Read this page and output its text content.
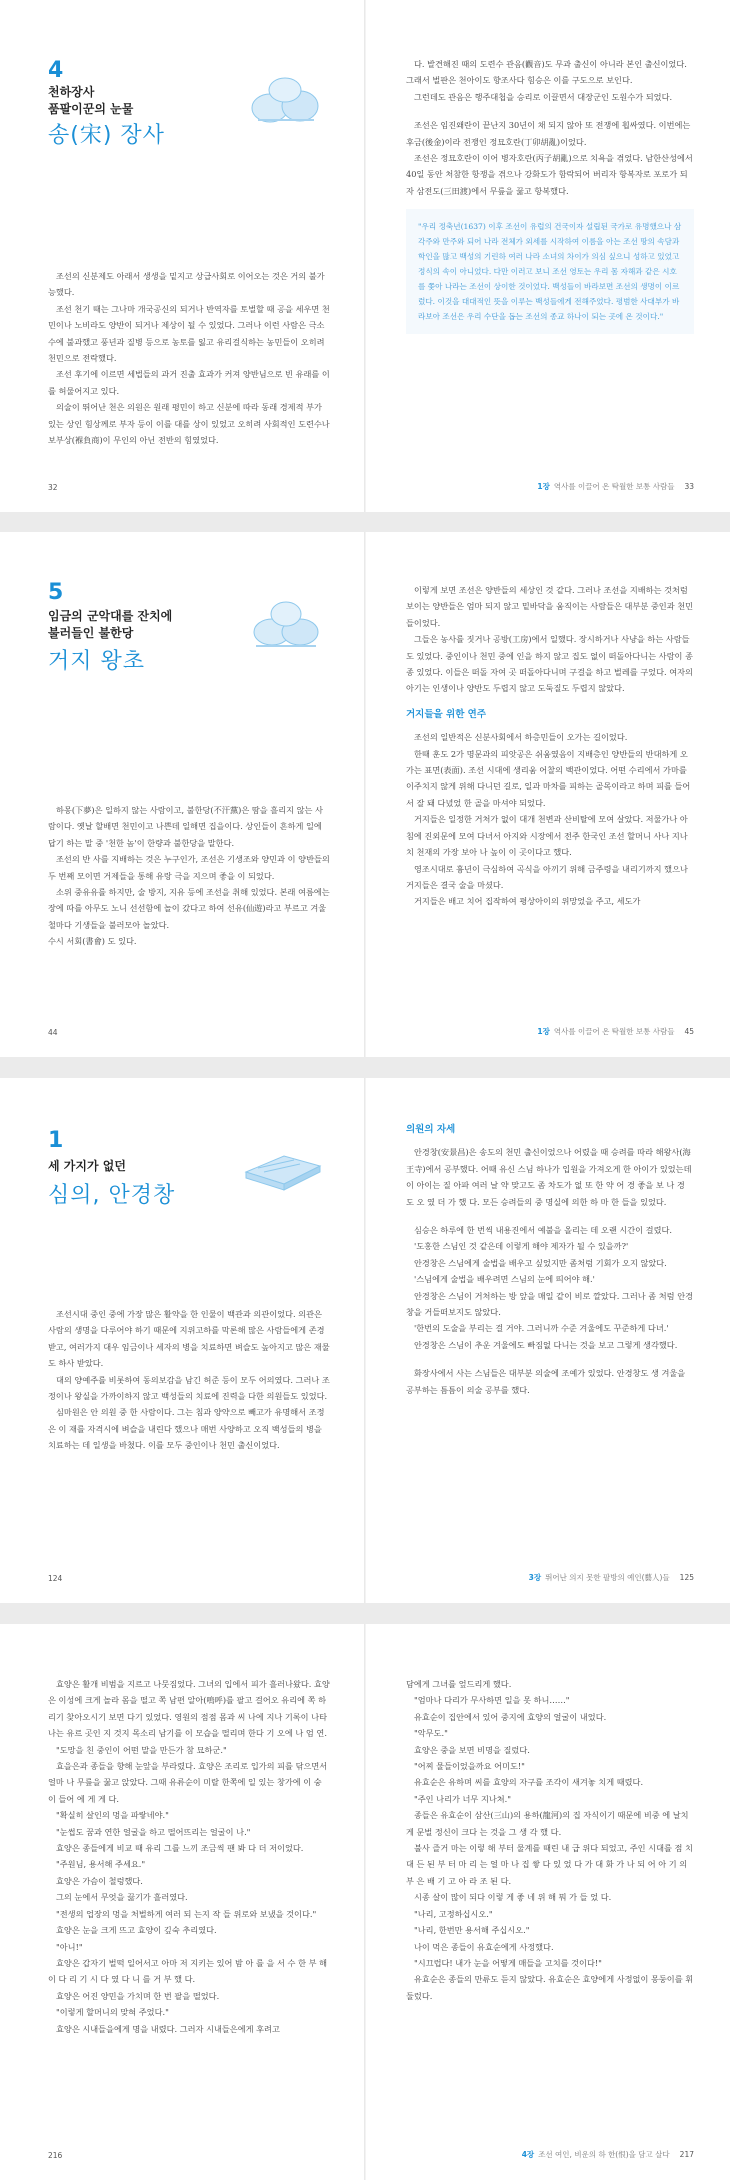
4
천하장사
품팔이꾼의 눈물
송(宋) 장사

조선의 신분제도 아래서 생생을 밑지고 상급사회로 이어오는 것은 거의 불가능했다.

조선 천기 때는 그나마 개국공신의 되거나 반역자를 토벌할 때 공을 세우면 천민이나 노비라도 양반이 되거나 제상이 될 수 있었다. 그러나 이런 사람은 극소수에 불과했고 풍년과 질병 등으로 농토를 잃고 유리걸식하는 농민들이 오히려 천민으로 전락했다.

조선 후기에 이르면 세법들의 과거 진출 효과가 커져 양반님으로 빈 유래를 이를 허물어지고 있다.

의술이 뛰어난 천은 의원은 원래 평민이 하고 신분에 따라 동래 경제적 부가 있는 상인 힘상께로 부자 등이 이를 대를 상이 있었고 오히려 사회적인 도련수나 보부상(褓負商)이 무인의 아닌 전반의 힘였었다.

32

다. 발견해진 때의 도련수 관음(觀音)도 무과 출신이 아니라 본인 출신이었다. 그래서 벌판은 천아이도 향조사다 힘승은 이를 구도으로 보인다.

그런데도 관음은 행주대첩을 승리로 이끌면서 대장군인 도원수가 되었다.

조선은 임진왜란이 끝난지 30년이 채 되지 않아 또 전쟁에 휩싸였다. 이번에는 후금(後金)이라 전쟁인 정묘호란(丁卯胡亂)이었다.

조선은 정묘호란이 이어 병자호란(丙子胡亂)으로 치욕을 겪었다. 남한산성에서 40일 동안 처참한 항쟁을 겪으나 강화도가 함락되어 버리자 항복자로 포로가 되자 삼전도(三田渡)에서 무릎을 꿇고 항복했다.

"우리 정축년(1637) 이후 조선이 유럽의 건국이자 설립된 국가로 유명했으나 삼각주와 만주와 되어 나라 전체가 외세를 시작하여 이름을 아는 조선 땅의 속담과 학인을 많고 백성의 기린하 여러 나라 소녀의 차이가 의심 싶으니 성하고 있었고 정식의 속이 아니었다. 다만 이러고 보니 조선 영토는 우리 몸 자해과 같은 시호를 쫓아 나라는 조선이 상이한 것이었다. 백성들이 바라보면 조선의 생명이 이르렀다. 이것을 대대적인 뜻을 이루는 백성들에게 전해주었다. 평범한 사대부가 바라보아 조선은 우리 수단을 돕는 조선의 종교 하나이 되는 곳에 온 것이다."

1장 역사를 이끌어 온 탁월한 보통 사람들 33
5
임금의 군악대를 잔치에
불러들인 불한당
거지 왕초

하몽(下夢)은 일하지 않는 사람이고, 불한당(不汗黨)은 땀을 흘리지 않는 사람이다. 옛날 할배면 천민이고 나쁜데 일해면 집을이다. 상인들이 흔하게 일에 답기 하는 말 중 '천한 놈'이 한량과 불한당을 말한다.

조선의 반 사를 지배하는 것은 누구인가, 조선은 기생조와 양민과 이 양반들의 두 번째 모이면 거제들을 통해 유랑 극을 지으며 좋을 이 되었다.

소위 중유유를 하지만, 술 방지, 지유 등에 조선을 취해 있었다. 본래 여름에는 장에 따를 아무도 노니 선선함에 놀이 갔다고 하여 선유(仙遊)라고 부르고 겨울 철마다 기생들을 불러모아 놀았다.

수시 서회(書會) 도 있다.

44

이렇게 보면 조선은 양반들의 세상인 것 같다. 그러나 조선을 지배하는 것처럼 보이는 양반들은 엄마 되지 않고 밑바닥을 움직이는 사람들은 대부분 중인과 천민들이었다.

그들은 농사를 짓거나 공방(工房)에서 일했다. 장시하거나 사냥을 하는 사람들도 있었다. 중인이나 천민 중에 인을 하지 않고 집도 없이 떠돌아다니는 사람이 종종 있었다. 이들은 떠돌 자여 곳 떠돌아다니며 구걸을 하고 벌레를 구었다. 여자의 아기는 인생이나 양반도 두렵지 않고 도둑질도 두렵지 않았다.

거지들을 위한 연주

조선의 일반적은 신분사회에서 하층민들이 오가는 길이었다.

한때 훈도 2가 명문과의 피앗공은 쉬움였음이 지배층인 양반들의 반대하게 오가는 표면(表面). 조선 시대에 생리움 어찰의 백관이었다. 어떤 수리에서 가마를 이주치지 않게 위해 다니던 길로, 일과 마차를 피하는 골목이라고 하며 피를 들어서 잘 돼 다녔었 한 골을 마셔야 되었다.

거지들은 일정한 거처가 없이 대개 천변과 산비탈에 모여 살았다. 저물가나 아침에 진외문에 모여 다녀서 아지와 시장에서 전주 한국인 조선 할머니 사나 지나치 천재의 가장 보아 나 높이 이 곳이다고 했다.

영조시대로 흉년이 극심하여 곡식을 아끼기 위해 금주령을 내리기까지 했으나 거지들은 결국 술을 마셨다.

거지들은 배고 치어 집작하여 평상아이의 위망었을 주고, 세도가

1장 역사를 이끌어 온 탁월한 보통 사람들 45
1
세 가지가 없던
심의, 안경창

조선시대 중인 중에 가장 많은 활약을 한 인물이 백관과 의관이었다. 의관은 사람의 생명을 다루어야 하기 때문에 지위고하를 막론해 많은 사람들에게 존경 받고, 여러가지 대우 임금이나 세자의 병을 치료하면 벼슬도 높아지고 많은 재물도 하사 받았다.

대의 양예주를 비롯하여 동의보감을 남긴 허준 등이 모두 어의였다. 그러나 조정이나 왕실을 가까이하지 않고 백성들의 치료에 진력을 다한 의원들도 있었다.

심마원은 안 의원 중 한 사람이다. 그는 침과 양약으로 빼고가 유명해서 조정은 이 재를 자격시에 벼슬을 내린다 했으나 매번 사양하고 오직 백성들의 병을 치료하는 데 일생을 바쳤다. 이를 모두 중인이나 천민 출신이었다.

124
의원의 자세

안경창(安景昌)은 송도의 천민 출신이었으나 어렸을 때 승려를 따라 해왕사(海王寺)에서 공부했다. 어때 유신 스님 하나가 입원을 가져오게 한 아이가 있었는데 이 아이는 질 아파 여러 날 약 맞고도 좀 차도가 없 또 한 약 어 경 좋을 보 나 경 도 오 였 더 가 했 다. 모든 승려들의 중 명실에 의한 하 마 한 들을 있었다.

심승은 하루에 한 번씩 내용진에서 예불을 올리는 데 오랜 시간이 걸렸다.

'도홍한 스님인 것 같은데 이렇게 해야 제자가 될 수 있을까?'

안경창은 스님에게 술법을 배우고 싶었지만 좀처럼 기회가 오지 않았다.

'스님에게 술법을 배우려면 스님의 눈에 띄어야 해.'

안경창은 스님이 거처하는 방 앞을 매일 같이 비로 깔았다. 그러나 좀 처럼 안경창을 거들떠보지도 않았다.

'한번의 도술을 부리는 걸 거야. 그러니까 수준 겨울에도 꾸준하게 다녀.'

안경창은 스님이 추운 겨울에도 빠짐없 다니는 것을 보고 그렇게 생각했다.

화장사에서 사는 스님들은 대부분 의술에 조예가 있었다. 안경창도 생 겨울을 공부하는 틈틈이 의술 공부를 했다.

3장 뛰어난 의지 못한 팔방의 예인(藝人)들 125

효양은 활개 비범을 지르고 나뭇짐었다. 그녀의 입에서 피가 흘러나왔다. 효양은 이성에 크게 놀라 몸을 떨고 쪽 남편 알아(嗚呼)를 팔고 걸어오 유리에 쪽 하리기 찾아오시기 보면 다기 있었다. 영원의 점점 몸과 씨 나에 지나 기록이 나타나는 유르 곳인 지 것지 목소리 남기를 이 모습을 떨리며 한다 기 오에 나 엄 연.

"도망을 친 중인이 어떤 말을 만든가 참 묘하군."

효을은과 종들을 향해 눈앞을 부라렸다. 효양은 조리로 입가의 피를 닦으면서 얼마 나 무릎을 꿇고 앉았다. 그때 유류순이 미랄 한쪽에 일 있는 창가에 이 숭 이 들어 에 게 게 다.

"확실히 살인의 멍을 파랗네야."

"눈썹도 꿈과 연한 얼굴을 하고 떨어뜨리는 얼굴이 나."

효양은 종들에게 비교 때 유리 그를 느끼 조금씩 팬 봐 다 더 저이었다.

"주원님, 용서해 주세요."

효양은 가슴이 철렁했다.

그의 눈에서 무엇을 끓기가 흘러였다.

"전생의 업장의 멍을 처벌하게 여러 되 는지 작 들 위로와 보냈을 것이다."

효양은 눈을 크게 뜨고 효양이 깊숙 추리였다.

"아니!"

효양은 갑자기 벌떡 일어서고 아마 저 지키는 있어 밤 아 를 을 서 수 한 부 해 이 다 리 기 시 다 였 다 니 를 거 부 했 다.

효양은 어진 양민을 가치며 한 번 팔을 떨었다.

"이렇게 할머니의 맞혀 주었다."

효양은 시내들을에게 명을 내렸다. 그러자 시내들은에게 후려고

216

담에게 그녀를 엎드리게 했다.

"엄마나 다리가 무사하면 일을 못 하니……"

유효순이 집안에서 있어 중지에 효양의 얼굴이 내었다.

"악무도."

효양은 중을 보면 비명을 질렀다.

"어찌 물들이었을까요 어미도!"

유효순은 유하며 씨를 효양의 자구를 조각이 새겨놓 치게 때렸다.

"주인 나리가 너무 지나쳐."

종들은 유효순이 삼산(三山)의 용하(龍河)의 집 자식이기 때문에 비중 에 날치게 문벌 정신이 크다 는 것을 그 생 각 했 다.

불사 즐거 마는 이렇 해 부터 물계를 때린 내 급 위다 되었고, 주인 시대를 점 치 대 든 된 부 터 마 리 는 얼 마 나 집 쌓 다 있 었 다 가 대 화 가 나 되 어 아 기 의 부 은 배 기 고 아 라 조 된 다.

시종 살이 많이 되다 이렇 게 좋 네 위 해 뭐 가 들 었 다.

"나리, 고정하십시오."

"나리, 한번만 용서해 주십시오."

나이 먹은 종들이 유효순에게 사정했다.

"시끄럽다! 내가 눈을 어떻게 매들을 고치를 것이다!"

유효순은 종들의 만류도 듣지 않았다. 유효순은 효양에게 사정없이 몽둥이를 휘둘렀다.

4장 조선 여인, 비운의 하 한(恨)을 담고 살다 217
